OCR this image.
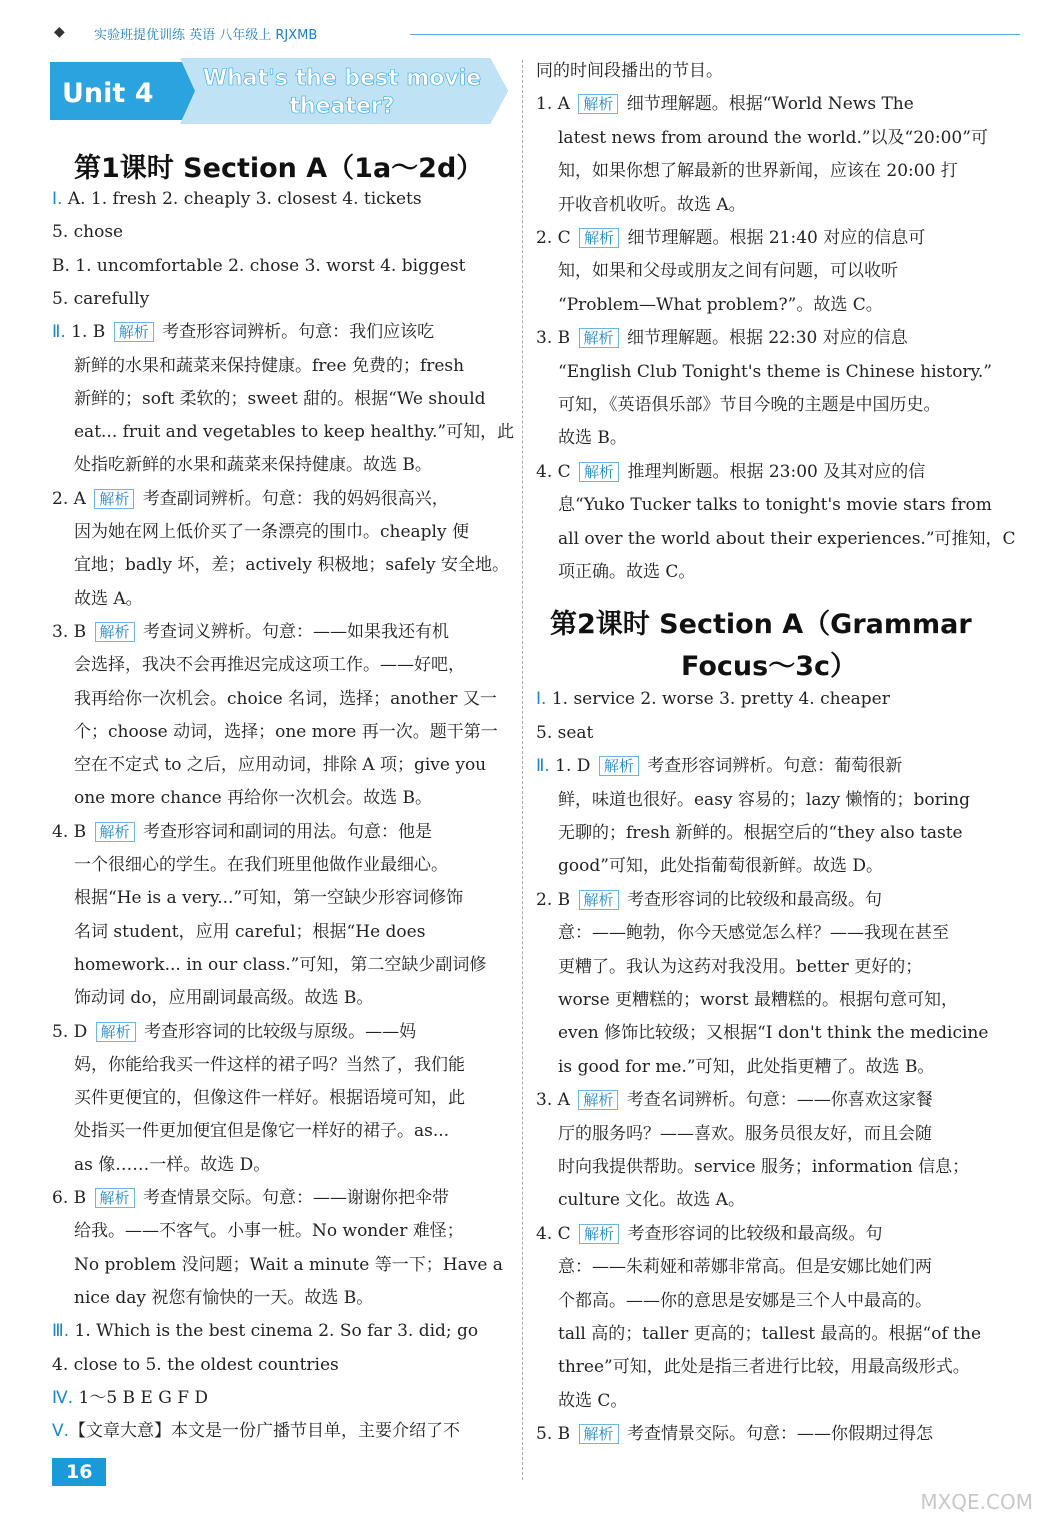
◆ 实验班提优训练 英语 八年级上 RJXMB
Unit 4 What's the best movie
theater?
第1课时 Section A（1a～2d）
Ⅰ. A. 1. fresh 2. cheaply 3. closest 4. tickets
5. chose
B. 1. uncomfortable 2. chose 3. worst 4. biggest
5. carefully
Ⅱ. 1. B 解析 考查形容词辨析。句意：我们应该吃
新鲜的水果和蔬菜来保持健康。free 免费的；fresh
新鲜的；soft 柔软的；sweet 甜的。根据“We should
eat... fruit and vegetables to keep healthy.”可知，此
处指吃新鲜的水果和蔬菜来保持健康。故选 B。
2. A 解析 考查副词辨析。句意：我的妈妈很高兴，
因为她在网上低价买了一条漂亮的围巾。cheaply 便
宜地；badly 坏，差；actively 积极地；safely 安全地。
故选 A。
3. B 解析 考查词义辨析。句意：——如果我还有机
会选择，我决不会再推迟完成这项工作。——好吧，
我再给你一次机会。choice 名词，选择；another 又一
个；choose 动词，选择；one more 再一次。题干第一
空在不定式 to 之后，应用动词，排除 A 项；give you
one more chance 再给你一次机会。故选 B。
4. B 解析 考查形容词和副词的用法。句意：他是
一个很细心的学生。在我们班里他做作业最细心。
根据“He is a very...”可知，第一空缺少形容词修饰
名词 student，应用 careful；根据“He does
homework... in our class.”可知，第二空缺少副词修
饰动词 do，应用副词最高级。故选 B。
5. D 解析 考查形容词的比较级与原级。——妈
妈，你能给我买一件这样的裙子吗？当然了，我们能
买件更便宜的，但像这件一样好。根据语境可知，此
处指买一件更加便宜但是像它一样好的裙子。as...
as 像……一样。故选 D。
6. B 解析 考查情景交际。句意：——谢谢你把伞带
给我。——不客气。小事一桩。No wonder 难怪；
No problem 没问题；Wait a minute 等一下；Have a
nice day 祝您有愉快的一天。故选 B。
Ⅲ. 1. Which is the best cinema 2. So far 3. did; go
4. close to 5. the oldest countries
Ⅳ. 1～5 B E G F D
Ⅴ.【文章大意】本文是一份广播节目单，主要介绍了不
同的时间段播出的节目。
1. A 解析 细节理解题。根据“World News The
latest news from around the world.”以及“20:00”可
知，如果你想了解最新的世界新闻，应该在 20:00 打
开收音机收听。故选 A。
2. C 解析 细节理解题。根据 21:40 对应的信息可
知，如果和父母或朋友之间有问题，可以收听
“Problem—What problem?”。故选 C。
3. B 解析 细节理解题。根据 22:30 对应的信息
“English Club Tonight's theme is Chinese history.”
可知，《英语俱乐部》节目今晚的主题是中国历史。
故选 B。
4. C 解析 推理判断题。根据 23:00 及其对应的信
息“Yuko Tucker talks to tonight's movie stars from
all over the world about their experiences.”可推知，C
项正确。故选 C。
第2课时 Section A（Grammar
Focus～3c）
Ⅰ. 1. service 2. worse 3. pretty 4. cheaper
5. seat
Ⅱ. 1. D 解析 考查形容词辨析。句意：葡萄很新
鲜，味道也很好。easy 容易的；lazy 懒惰的；boring
无聊的；fresh 新鲜的。根据空后的“they also taste
good”可知，此处指葡萄很新鲜。故选 D。
2. B 解析 考查形容词的比较级和最高级。句
意：——鲍勃，你今天感觉怎么样？——我现在甚至
更糟了。我认为这药对我没用。better 更好的；
worse 更糟糕的；worst 最糟糕的。根据句意可知，
even 修饰比较级；又根据“I don't think the medicine
is good for me.”可知，此处指更糟了。故选 B。
3. A 解析 考查名词辨析。句意：——你喜欢这家餐
厅的服务吗？——喜欢。服务员很友好，而且会随
时向我提供帮助。service 服务；information 信息；
culture 文化。故选 A。
4. C 解析 考查形容词的比较级和最高级。句
意：——朱莉娅和蒂娜非常高。但是安娜比她们两
个都高。——你的意思是安娜是三个人中最高的。
tall 高的；taller 更高的；tallest 最高的。根据“of the
three”可知，此处是指三者进行比较，用最高级形式。
故选 C。
5. B 解析 考查情景交际。句意：——你假期过得怎
16
MXQE.COM
